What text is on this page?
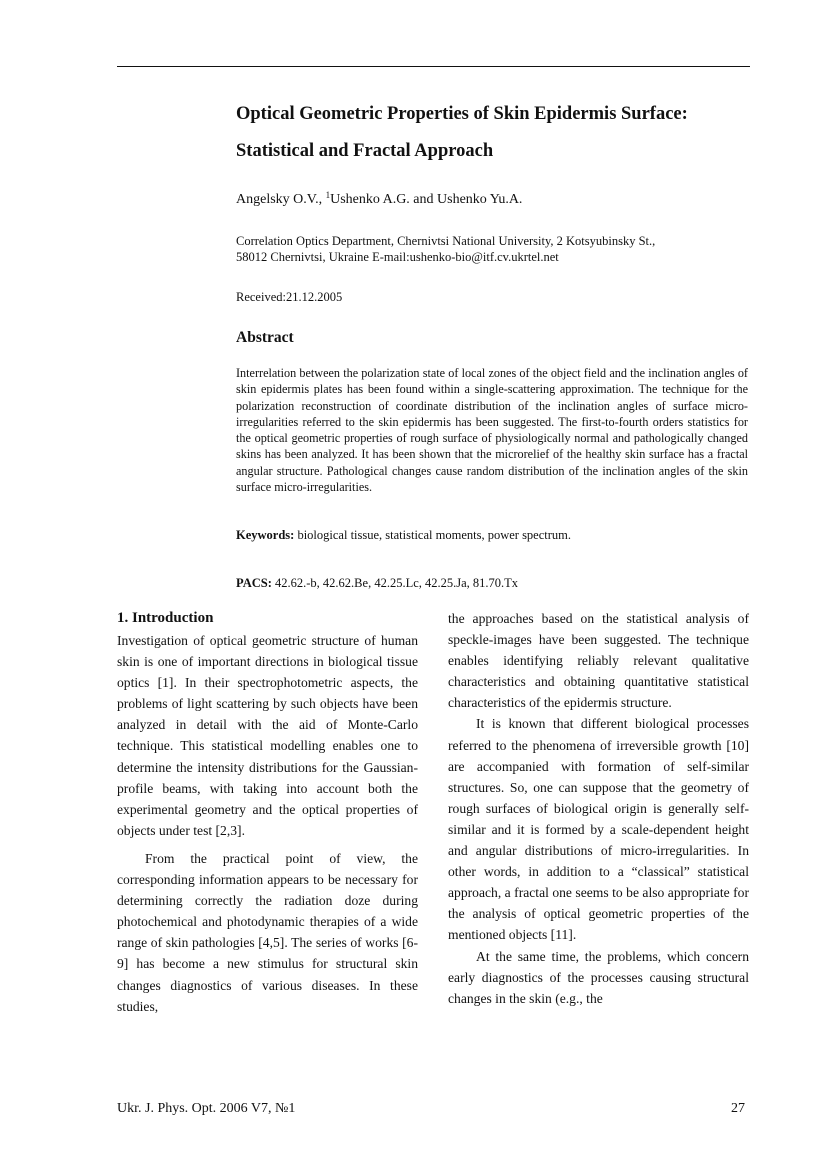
Optical Geometric Properties of Skin Epidermis Surface:
Statistical and Fractal Approach
Angelsky O.V., $^1$Ushenko A.G. and Ushenko Yu.A.
Correlation Optics Department, Chernivtsi National University, 2 Kotsyubinsky St.,
58012 Chernivtsi, Ukraine E-mail:ushenko-bio@itf.cv.ukrtel.net
Received:21.12.2005
Abstract

Interrelation between the polarization state of local zones of the object field and the inclination angles of skin epidermis plates has been found within a single-scattering approximation. The technique for the polarization reconstruction of coordinate distribution of the inclination angles of surface micro-irregularities referred to the skin epidermis has been suggested. The first-to-fourth orders statistics for the optical geometric properties of rough surface of physiologically normal and pathologically changed skins has been analyzed. It has been shown that the microrelief of the healthy skin surface has a fractal angular structure. Pathological changes cause random distribution of the inclination angles of the skin surface micro-irregularities.

Keywords: biological tissue, statistical moments, power spectrum.
PACS: 42.62.-b, 42.62.Be, 42.25.Lc, 42.25.Ja, 81.70.Tx
1. Introduction

Investigation of optical geometric structure of human skin is one of important directions in biological tissue optics [1]. In their spectrophotometric aspects, the problems of light scattering by such objects have been analyzed in detail with the aid of Monte-Carlo technique. This statistical modelling enables one to determine the intensity distributions for the Gaussian-profile beams, with taking into account both the experimental geometry and the optical properties of objects under test [2,3].

From the practical point of view, the corresponding information appears to be necessary for determining correctly the radiation doze during photochemical and photodynamic therapies of a wide range of skin pathologies [4,5]. The series of works [6-9] has become a new stimulus for structural skin changes diagnostics of various diseases. In these studies,

the approaches based on the statistical analysis of speckle-images have been suggested. The technique enables identifying reliably relevant qualitative characteristics and obtaining quantitative statistical characteristics of the epidermis structure.

It is known that different biological processes referred to the phenomena of irreversible growth [10] are accompanied with formation of self-similar structures. So, one can suppose that the geometry of rough surfaces of biological origin is generally self-similar and it is formed by a scale-dependent height and angular distributions of micro-irregularities. In other words, in addition to a “classical” statistical approach, a fractal one seems to be also appropriate for the analysis of optical geometric properties of the mentioned objects [11].

At the same time, the problems, which concern early diagnostics of the processes causing structural changes in the skin (e.g., the

Ukr. J. Phys. Opt. 2006 V7, №1	27
